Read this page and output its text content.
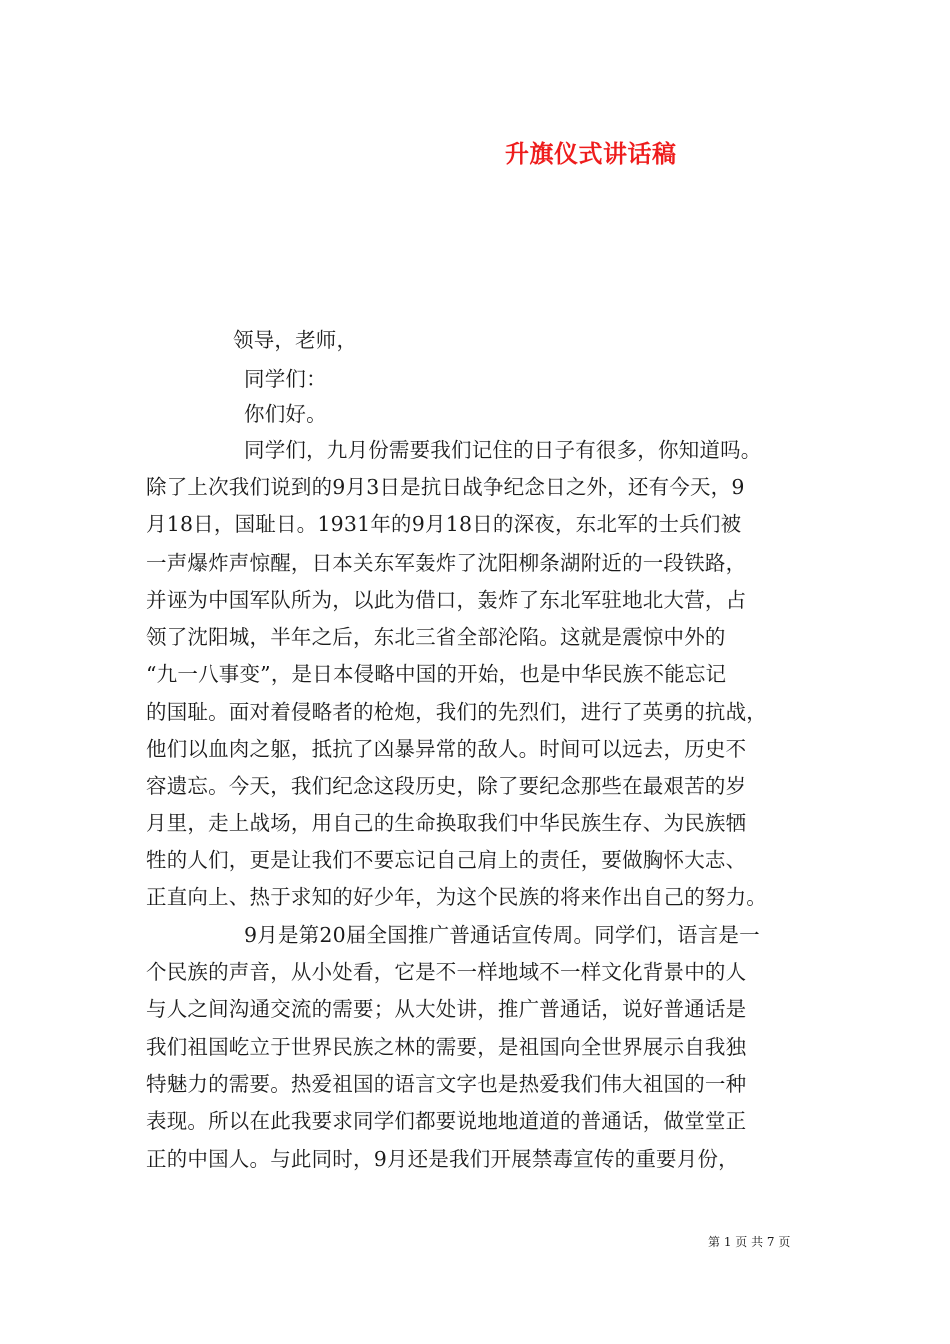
升旗仪式讲话稿
领导，老师，
同学们：
你们好。
同学们，九月份需要我们记住的日子有很多，你知道吗。
除了上次我们说到的9月3日是抗日战争纪念日之外，还有今天，9
月18日，国耻日。1931年的9月18日的深夜，东北军的士兵们被
一声爆炸声惊醒，日本关东军轰炸了沈阳柳条湖附近的一段铁路，
并诬为中国军队所为，以此为借口，轰炸了东北军驻地北大营，占
领了沈阳城，半年之后，东北三省全部沦陷。这就是震惊中外的
“九一八事变”，是日本侵略中国的开始，也是中华民族不能忘记
的国耻。面对着侵略者的枪炮，我们的先烈们，进行了英勇的抗战，
他们以血肉之躯，抵抗了凶暴异常的敌人。时间可以远去，历史不
容遗忘。今天，我们纪念这段历史，除了要纪念那些在最艰苦的岁
月里，走上战场，用自己的生命换取我们中华民族生存、为民族牺
牲的人们，更是让我们不要忘记自己肩上的责任，要做胸怀大志、
正直向上、热于求知的好少年，为这个民族的将来作出自己的努力。
9月是第20届全国推广普通话宣传周。同学们，语言是一
个民族的声音，从小处看，它是不一样地域不一样文化背景中的人
与人之间沟通交流的需要；从大处讲，推广普通话，说好普通话是
我们祖国屹立于世界民族之林的需要，是祖国向全世界展示自我独
特魅力的需要。热爱祖国的语言文字也是热爱我们伟大祖国的一种
表现。所以在此我要求同学们都要说地地道道的普通话，做堂堂正
正的中国人。与此同时，9月还是我们开展禁毒宣传的重要月份，
第 1 页 共 7 页
